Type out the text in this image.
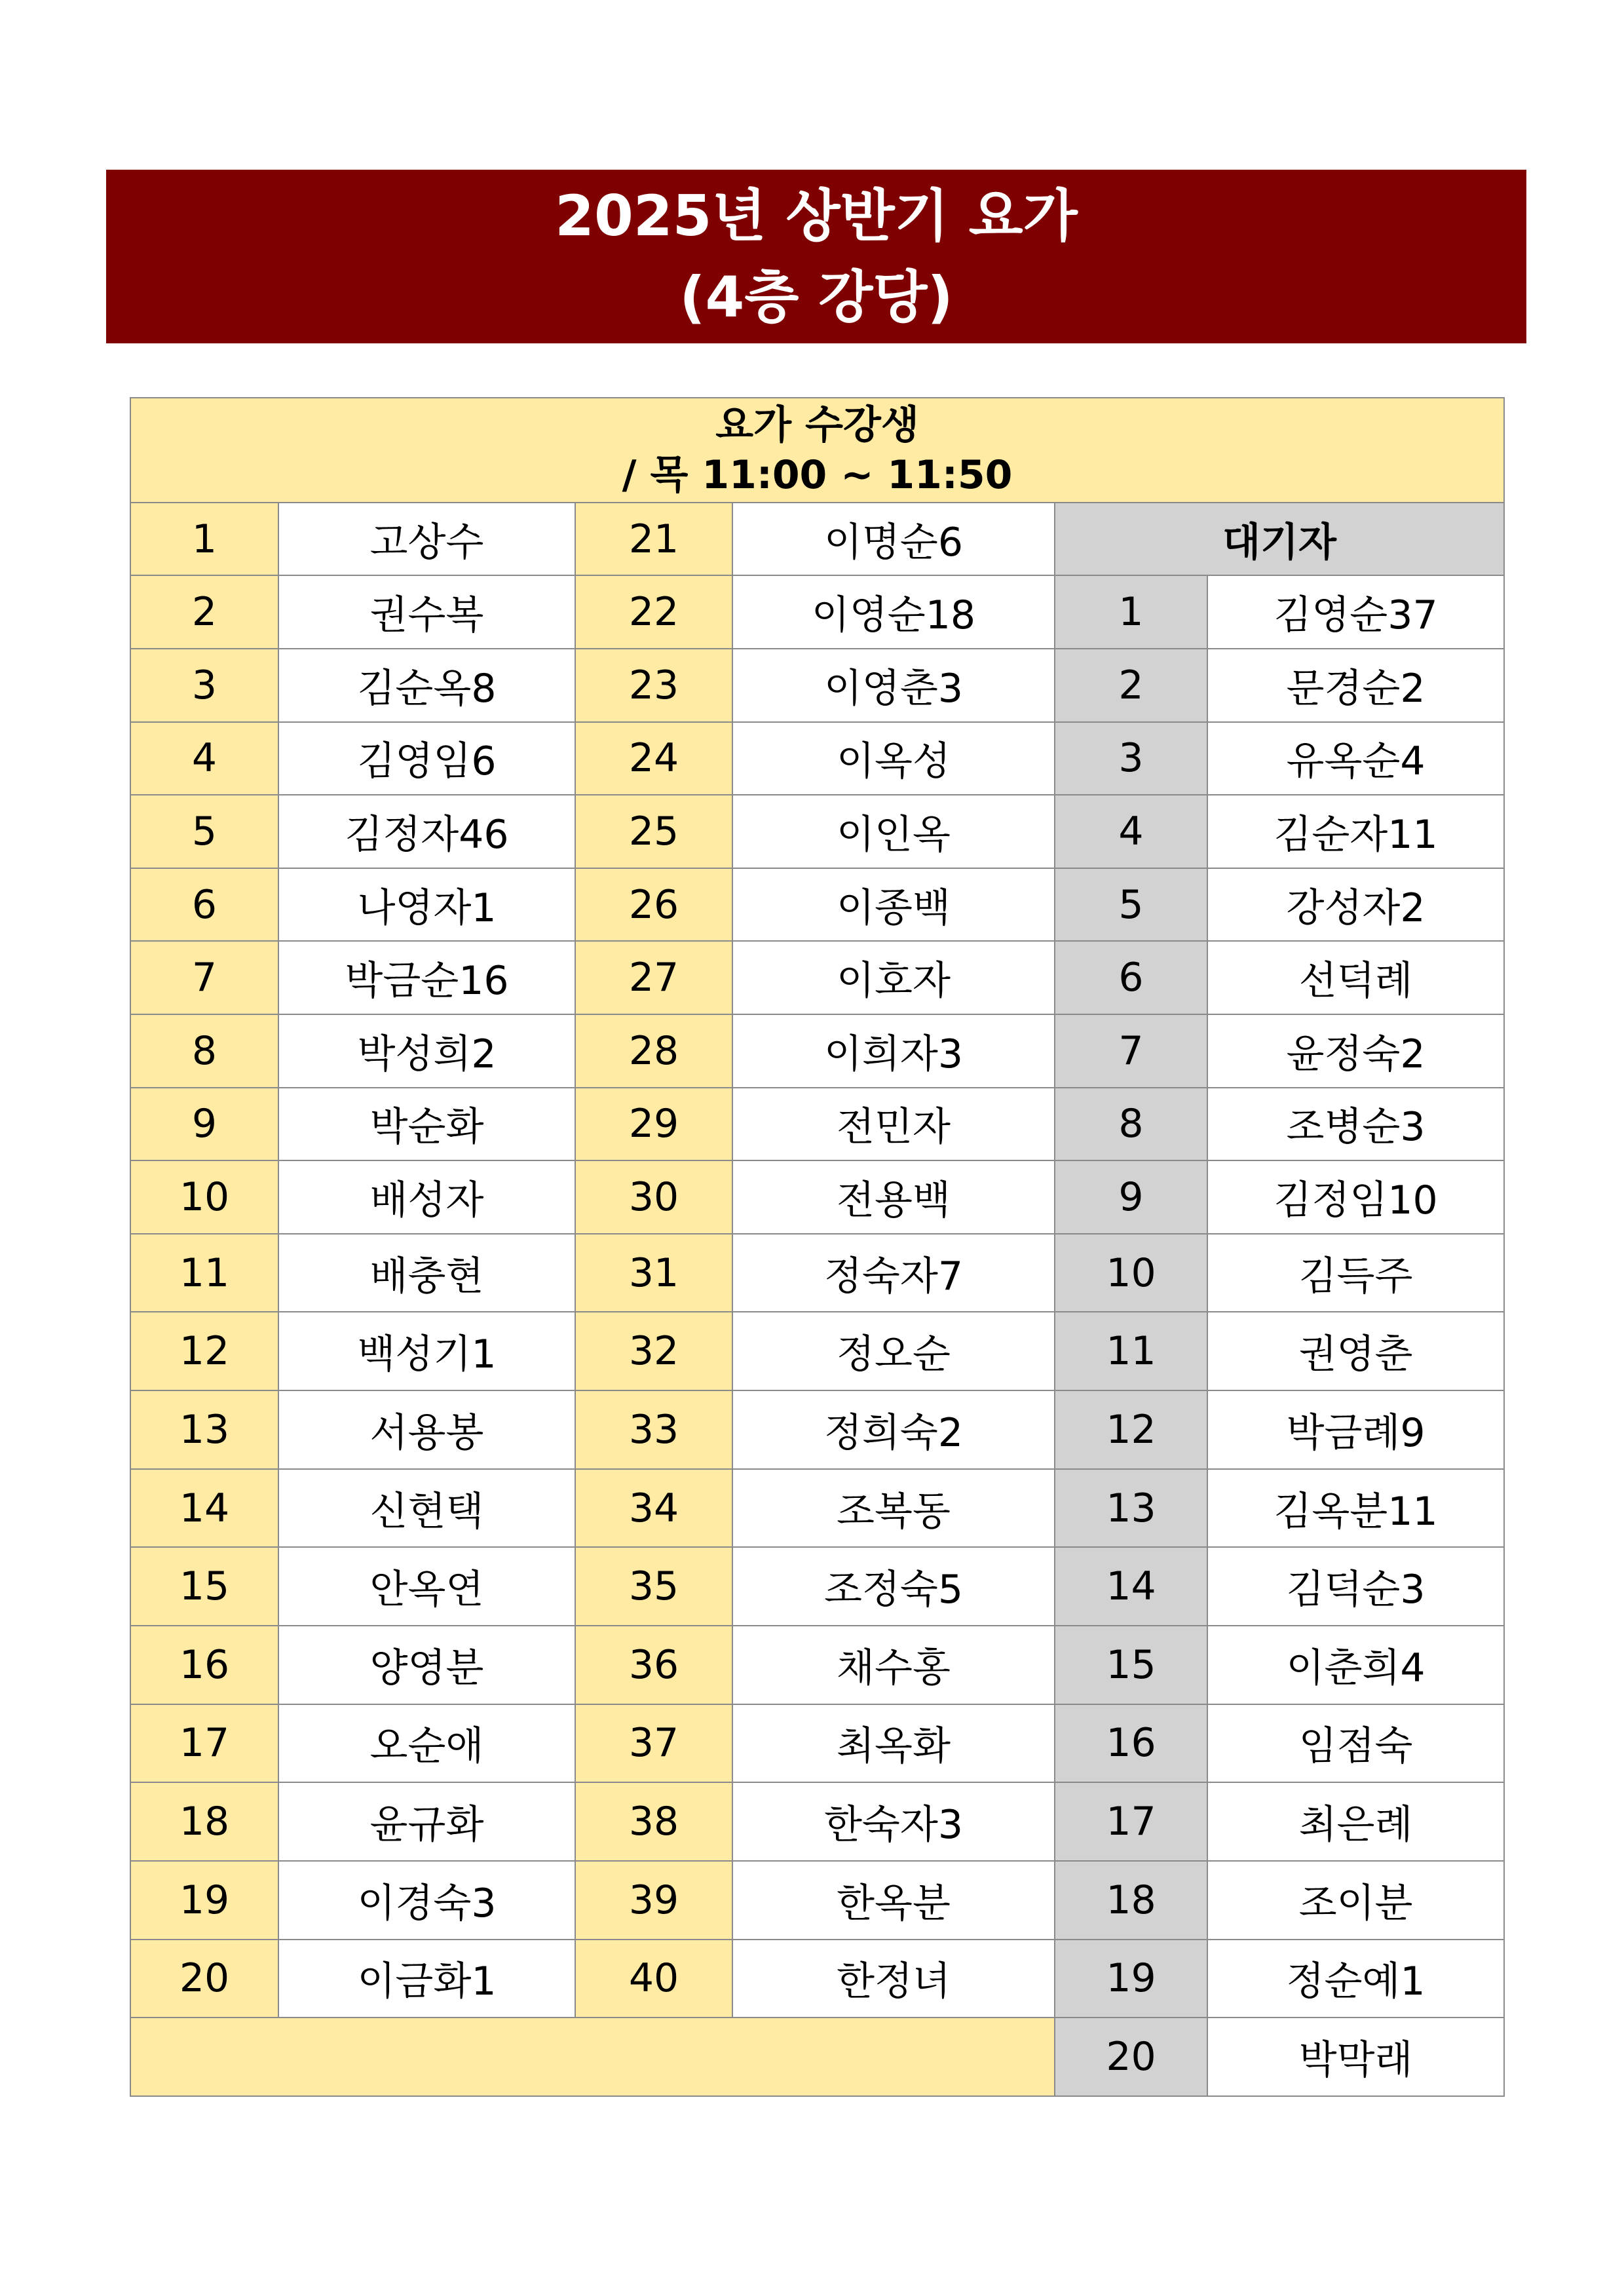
2025년 상반기 요가
(4층 강당)
요가 수강생
/ 목 11:00 ~ 11:50					

1	고상수	21	이명순6	대기자	
2	권수복	22	이영순18	1	김영순37
3	김순옥8	23	이영춘3	2	문경순2
4	김영임6	24	이옥성	3	유옥순4
5	김정자46	25	이인옥	4	김순자11
6	나영자1	26	이종백	5	강성자2
7	박금순16	27	이호자	6	선덕례
8	박성희2	28	이희자3	7	윤정숙2
9	박순화	29	전민자	8	조병순3
10	배성자	30	전용백	9	김정임10
11	배충현	31	정숙자7	10	김득주
12	백성기1	32	정오순	11	권영춘
13	서용봉	33	정희숙2	12	박금례9
14	신현택	34	조복동	13	김옥분11
15	안옥연	35	조정숙5	14	김덕순3
16	양영분	36	채수홍	15	이춘희4
17	오순애	37	최옥화	16	임점숙
18	윤규화	38	한숙자3	17	최은례
19	이경숙3	39	한옥분	18	조이분
20	이금화1	40	한정녀	19	정순예1
				20	박막래
